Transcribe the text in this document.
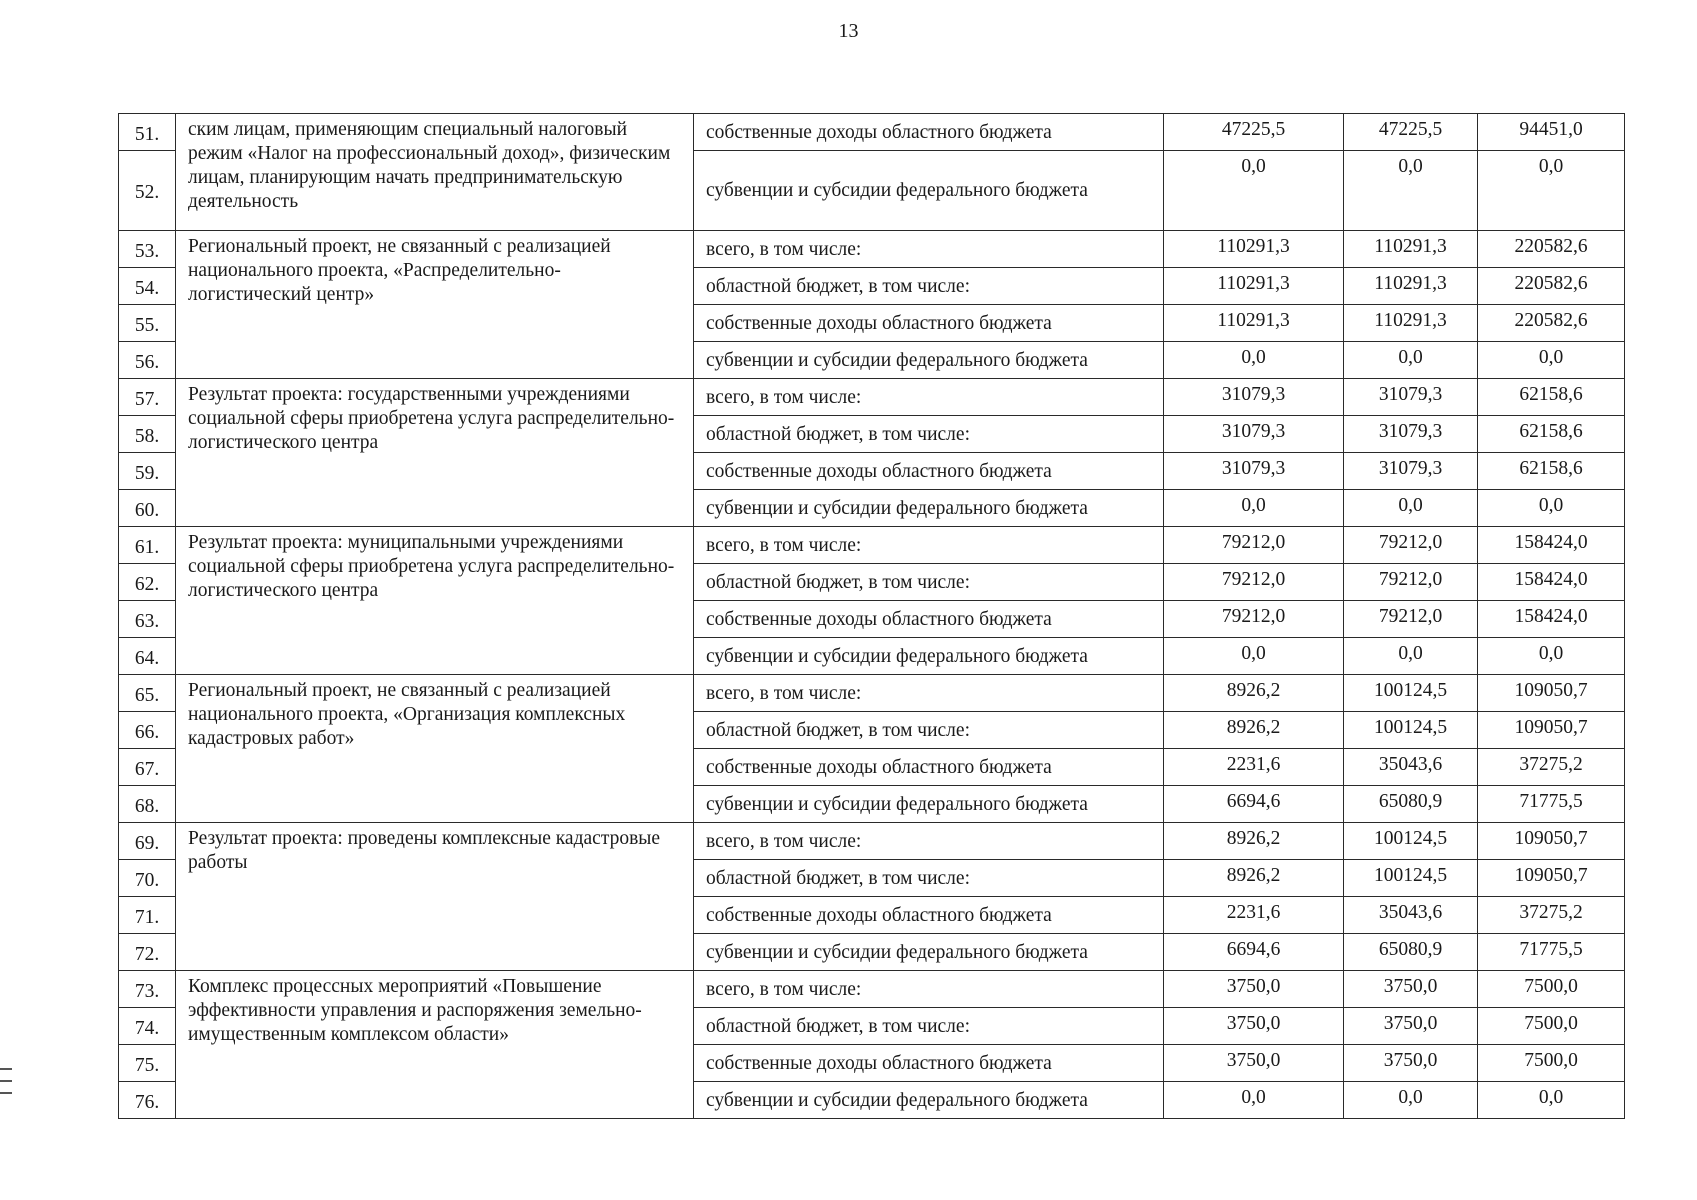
13
51.	ским лицам, применяющим специальный налоговый режим «Налог на профессиональный доход», физическим лицам, планирующим начать предпринимательскую деятельность	собственные доходы областного бюджета	47225,5	47225,5	94451,0
52.		субвенции и субсидии федерального бюджета	0,0	0,0	0,0
53.	Региональный проект, не связанный с реализацией национального проекта, «Распределительно-логистический центр»	всего, в том числе:	110291,3	110291,3	220582,6
54.		областной бюджет, в том числе:	110291,3	110291,3	220582,6
55.		собственные доходы областного бюджета	110291,3	110291,3	220582,6
56.		субвенции и субсидии федерального бюджета	0,0	0,0	0,0
57.	Результат проекта: государственными учреждениями социальной сферы приобретена услуга распределительно-логистического центра	всего, в том числе:	31079,3	31079,3	62158,6
58.		областной бюджет, в том числе:	31079,3	31079,3	62158,6
59.		собственные доходы областного бюджета	31079,3	31079,3	62158,6
60.		субвенции и субсидии федерального бюджета	0,0	0,0	0,0
61.	Результат проекта: муниципальными учреждениями социальной сферы приобретена услуга распределительно-логистического центра	всего, в том числе:	79212,0	79212,0	158424,0
62.		областной бюджет, в том числе:	79212,0	79212,0	158424,0
63.		собственные доходы областного бюджета	79212,0	79212,0	158424,0
64.		субвенции и субсидии федерального бюджета	0,0	0,0	0,0
65.	Региональный проект, не связанный с реализацией национального проекта, «Организация комплексных кадастровых работ»	всего, в том числе:	8926,2	100124,5	109050,7
66.		областной бюджет, в том числе:	8926,2	100124,5	109050,7
67.		собственные доходы областного бюджета	2231,6	35043,6	37275,2
68.		субвенции и субсидии федерального бюджета	6694,6	65080,9	71775,5
69.	Результат проекта: проведены комплексные кадастровые работы	всего, в том числе:	8926,2	100124,5	109050,7
70.		областной бюджет, в том числе:	8926,2	100124,5	109050,7
71.		собственные доходы областного бюджета	2231,6	35043,6	37275,2
72.		субвенции и субсидии федерального бюджета	6694,6	65080,9	71775,5
73.	Комплекс процессных мероприятий «Повышение эффективности управления и распоряжения земельно-имущественным комплексом области»	всего, в том числе:	3750,0	3750,0	7500,0
74.		областной бюджет, в том числе:	3750,0	3750,0	7500,0
75.		собственные доходы областного бюджета	3750,0	3750,0	7500,0
76.		субвенции и субсидии федерального бюджета	0,0	0,0	0,0
